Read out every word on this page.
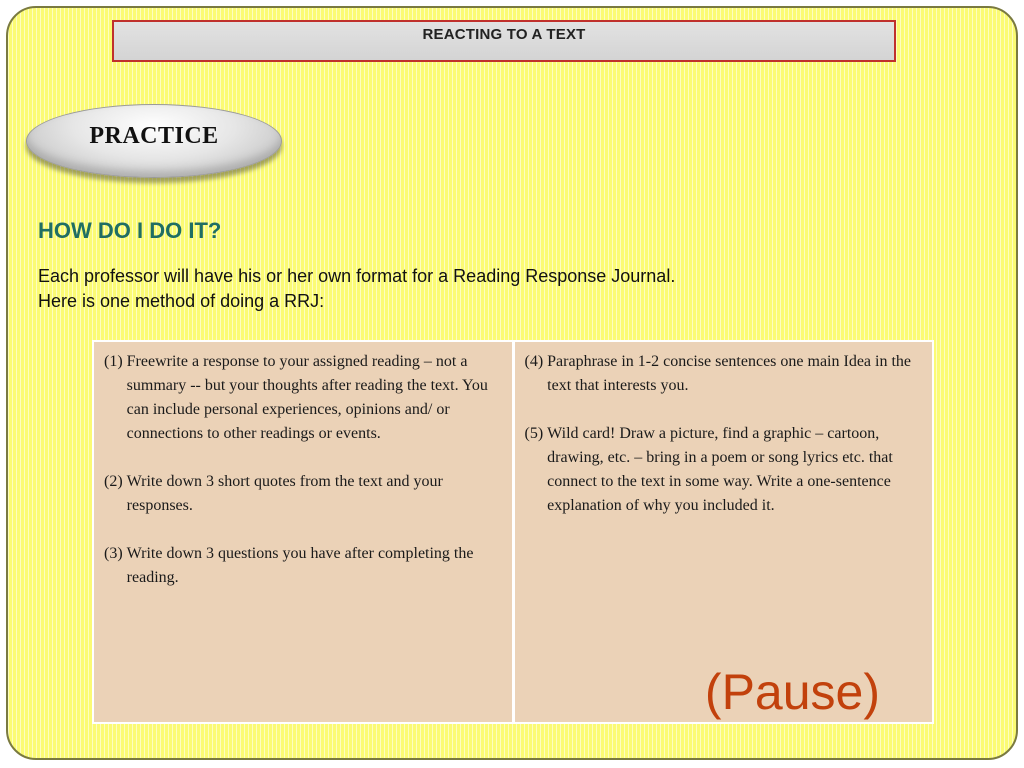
REACTING TO A TEXT
PRACTICE
HOW DO I DO IT?
Each professor will have his or her own format for a Reading Response Journal.
Here is one method of doing a RRJ:
(1) Freewrite a response to your assigned reading – not a summary -- but your thoughts after reading the text. You can include personal experiences, opinions and/ or connections to other readings or events.
(2) Write down 3 short quotes from the text and your responses.
(3) Write down 3 questions you have after completing the reading.
(4) Paraphrase in 1-2 concise sentences one main Idea in the text that interests you.
(5) Wild card! Draw a picture, find a graphic – cartoon, drawing, etc. – bring in a poem or song lyrics etc. that connect to the text in some way. Write a one-sentence explanation of why you included it.
(Pause)
